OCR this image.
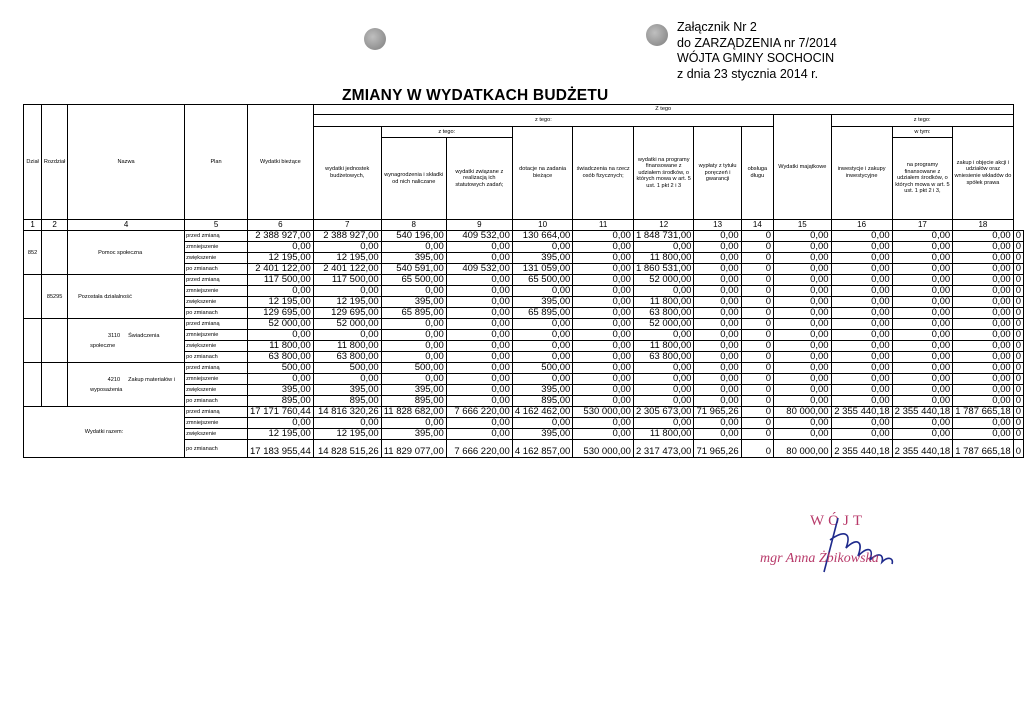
Załącznik Nr 2
do ZARZĄDZENIA nr 7/2014
WÓJTA GMINY SOCHOCIN
z dnia 23 stycznia 2014 r.
ZMIANY W WYDATKACH BUDŻETU
Dział	Rozdział	Nazwa	Plan	Wydatki bieżące	Z tego												
					z tego:								Wydatki majątkowe	z tego:			
					wydatki jednostek budżetowych,	z tego:		dotacje na zadania bieżące	świadczenia na rzecz osób fizycznych;	wydatki na programy finansowane z udziałem środków, o których mowa w art. 5 ust. 1 pkt 2 i 3	wypłaty z tytułu poręczeń i gwarancji	obsługa długu		inwestycje i zakupy inwestycyjne	w tym:	zakup i objęcie akcji i udziałów oraz wniesienie wkładów do spółek prawa	
						wynagrodzenia i składki od nich naliczane	wydatki związane z realizacją ich statutowych zadań;								na programy finansowane z udziałem środków, o których mowa w art. 5 ust. 1 pkt 2 i 3,		
1	2	4	5	6	7	8	9	10	11	12	13	14	15	16	17	18	
852		Pomoc społeczna	przed zmianą	2 388 927,00	2 388 927,00	540 196,00	409 532,00	130 664,00	0,00	1 848 731,00	0,00	0	0,00	0,00	0,00	0,00	0
			zmniejszenie	0,00	0,00	0,00	0,00	0,00	0,00	0,00	0,00	0	0,00	0,00	0,00	0,00	0
			zwiększenie	12 195,00	12 195,00	395,00	0,00	395,00	0,00	11 800,00	0,00	0	0,00	0,00	0,00	0,00	0
			po zmianach	2 401 122,00	2 401 122,00	540 591,00	409 532,00	131 059,00	0,00	1 860 531,00	0,00	0	0,00	0,00	0,00	0,00	0
	85295	Pozostała działalność	przed zmianą	117 500,00	117 500,00	65 500,00	0,00	65 500,00	0,00	52 000,00	0,00	0	0,00	0,00	0,00	0,00	0
			zmniejszenie	0,00	0,00	0,00	0,00	0,00	0,00	0,00	0,00	0	0,00	0,00	0,00	0,00	0
			zwiększenie	12 195,00	12 195,00	395,00	0,00	395,00	0,00	11 800,00	0,00	0	0,00	0,00	0,00	0,00	0
			po zmianach	129 695,00	129 695,00	65 895,00	0,00	65 895,00	0,00	63 800,00	0,00	0	0,00	0,00	0,00	0,00	0
		3110 Świadczenia społeczne	przed zmianą	52 000,00	52 000,00	0,00	0,00	0,00	0,00	52 000,00	0,00	0	0,00	0,00	0,00	0,00	0
			zmniejszenie	0,00	0,00	0,00	0,00	0,00	0,00	0,00	0,00	0	0,00	0,00	0,00	0,00	0
			zwiększenie	11 800,00	11 800,00	0,00	0,00	0,00	0,00	11 800,00	0,00	0	0,00	0,00	0,00	0,00	0
			po zmianach	63 800,00	63 800,00	0,00	0,00	0,00	0,00	63 800,00	0,00	0	0,00	0,00	0,00	0,00	0
		4210 Zakup materiałów i wyposażenia	przed zmianą	500,00	500,00	500,00	0,00	500,00	0,00	0,00	0,00	0	0,00	0,00	0,00	0,00	0
			zmniejszenie	0,00	0,00	0,00	0,00	0,00	0,00	0,00	0,00	0	0,00	0,00	0,00	0,00	0
			zwiększenie	395,00	395,00	395,00	0,00	395,00	0,00	0,00	0,00	0	0,00	0,00	0,00	0,00	0
			po zmianach	895,00	895,00	895,00	0,00	895,00	0,00	0,00	0,00	0	0,00	0,00	0,00	0,00	0
Wydatki razem:			przed zmianą	17 171 760,44	14 816 320,26	11 828 682,00	7 666 220,00	4 162 462,00	530 000,00	2 305 673,00	71 965,26	0	80 000,00	2 355 440,18	2 355 440,18	1 787 665,18	0
			zmniejszenie	0,00	0,00	0,00	0,00	0,00	0,00	0,00	0,00	0	0,00	0,00	0,00	0,00	0
			zwiększenie	12 195,00	12 195,00	395,00	0,00	395,00	0,00	11 800,00	0,00	0	0,00	0,00	0,00	0,00	0
			po zmianach	17 183 955,44	14 828 515,26	11 829 077,00	7 666 220,00	4 162 857,00	530 000,00	2 317 473,00	71 965,26	0	80 000,00	2 355 440,18	2 355 440,18	1 787 665,18	0
WÓJT
mgr Anna Żbikowska
